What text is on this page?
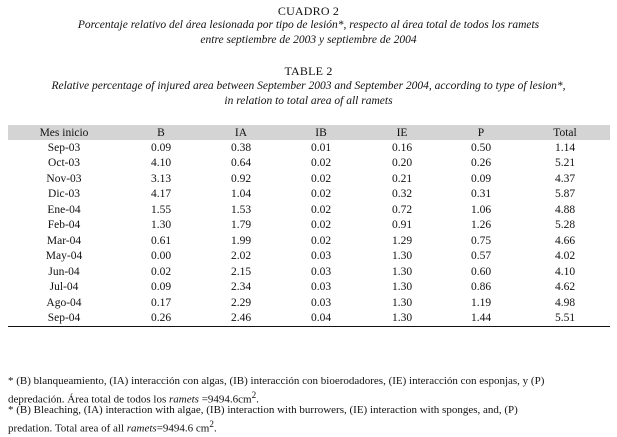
CUADRO 2
Porcentaje relativo del área lesionada por tipo de lesión*, respecto al área total de todos los ramets
entre septiembre de 2003 y septiembre de 2004
TABLE 2
Relative percentage of injured area between September 2003 and September 2004, according to type of lesion*,
in relation to total area of all ramets
Mes inicio	B	IA	IB	IE	P	Total
Sep-03	0.09	0.38	0.01	0.16	0.50	1.14
Oct-03	4.10	0.64	0.02	0.20	0.26	5.21
Nov-03	3.13	0.92	0.02	0.21	0.09	4.37
Dic-03	4.17	1.04	0.02	0.32	0.31	5.87
Ene-04	1.55	1.53	0.02	0.72	1.06	4.88
Feb-04	1.30	1.79	0.02	0.91	1.26	5.28
Mar-04	0.61	1.99	0.02	1.29	0.75	4.66
May-04	0.00	2.02	0.03	1.30	0.57	4.02
Jun-04	0.02	2.15	0.03	1.30	0.60	4.10
Jul-04	0.09	2.34	0.03	1.30	0.86	4.62
Ago-04	0.17	2.29	0.03	1.30	1.19	4.98
Sep-04	0.26	2.46	0.04	1.30	1.44	5.51
* (B) blanqueamiento, (IA) interacción con algas, (IB) interacción con bioerodadores, (IE) interacción con esponjas, y (P)
depredación. Área total de todos los ramets $=9494.6cm^2$.
* (B) Bleaching, (IA) interaction with algae, (IB) interaction with burrowers, (IE) interaction with sponges, and, (P)
predation. Total area of all ramets=9494.6 $cm^2$.
